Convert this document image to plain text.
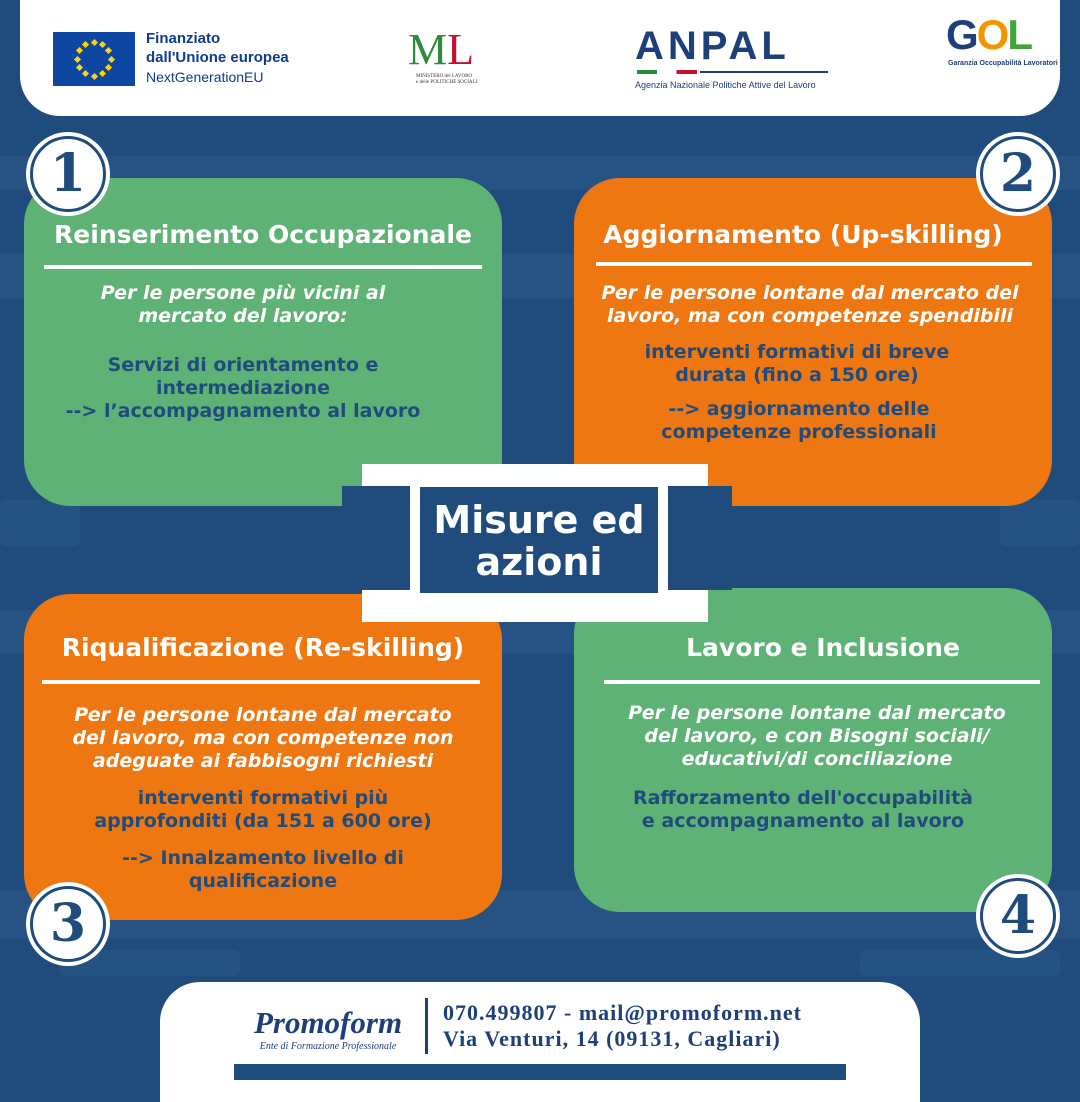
Finanziato
dall'Unione europea
NextGenerationEU
ML
MINISTERO del LAVORO
e delle POLITICHE SOCIALI
ANPAL
Agenzia Nazionale Politiche Attive del Lavoro
GOL
Garanzia Occupabilità Lavoratori
Reinserimento Occupazionale
Per le persone più vicini al
mercato del lavoro:
Servizi di orientamento e
intermediazione
--> l’accompagnamento al lavoro
1
Aggiornamento (Up-skilling)
Per le persone lontane dal mercato del
lavoro, ma con competenze spendibili
interventi formativi di breve
durata (fino a 150 ore)
--> aggiornamento delle
competenze professionali
2
Riqualificazione (Re-skilling)
Per le persone lontane dal mercato
del lavoro, ma con competenze non
adeguate ai fabbisogni richiesti
interventi formativi più
approfonditi (da 151 a 600 ore)
--> Innalzamento livello di
qualificazione
3
Lavoro e Inclusione
Per le persone lontane dal mercato
del lavoro, e con Bisogni sociali/
educativi/di conciliazione
Rafforzamento dell'occupabilità
e accompagnamento al lavoro
4
Misure ed
azioni
Promoform
Ente di Formazione Professionale
070.499807 - mail@promoform.net
Via Venturi, 14 (09131, Cagliari)
